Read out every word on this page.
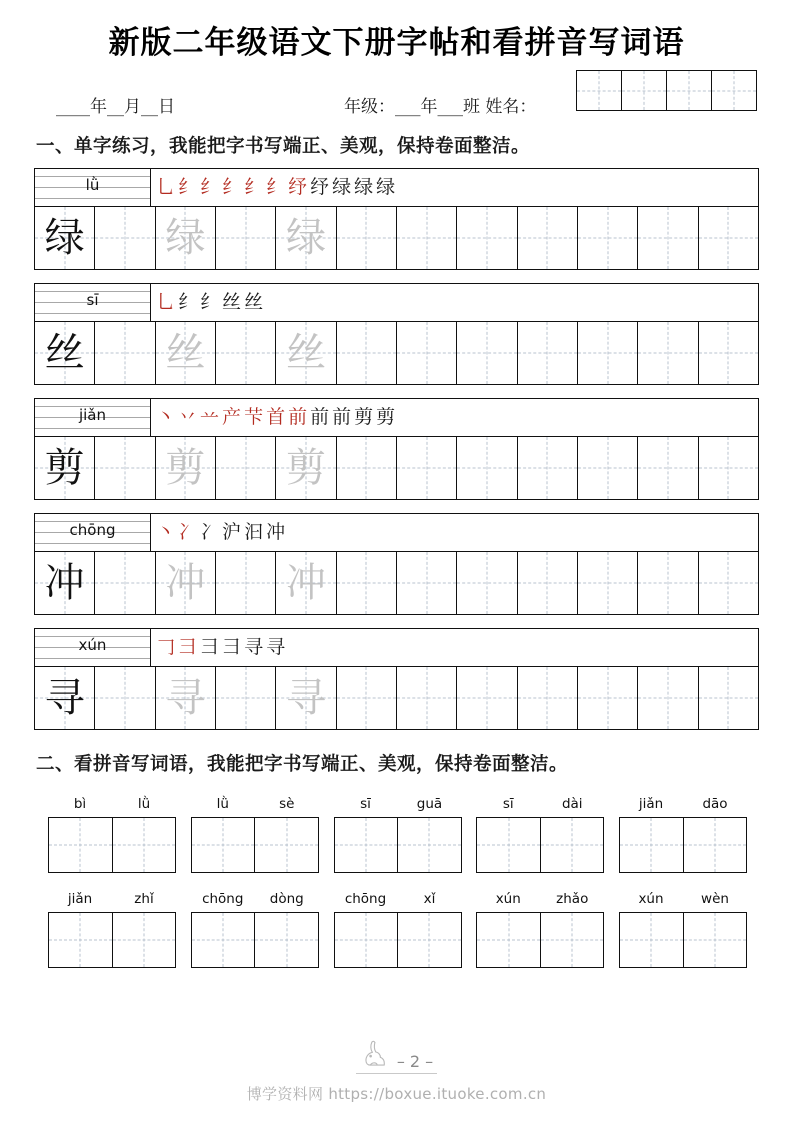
新版二年级语文下册字帖和看拼音写词语
____年__月__日	年级：___年___班 姓名：
一、单字练习，我能把字书写端正、美观，保持卷面整洁。
lǜ	乚纟纟纟纟纟纾纾绿绿绿
绿 绿 绿
sī	乚纟纟丝丝
丝 丝 丝
jiǎn	丶丷䒑产芐首前前前剪剪
剪 剪 剪
chōng	丶冫冫沪汩冲
冲 冲 冲
xún	𠃌彐彐彐寻寻
寻 寻 寻
二、看拼音写词语，我能把字书写端正、美观，保持卷面整洁。
bì	lǜ	lǜ	sè	sī	guā	sī	dài	jiǎn	dāo
jiǎn	zhǐ	chōng	dòng	chōng	xǐ	xún	zhǎo	xún	wèn
– 2 –
博学资料网 https://boxue.ituoke.com.cn
